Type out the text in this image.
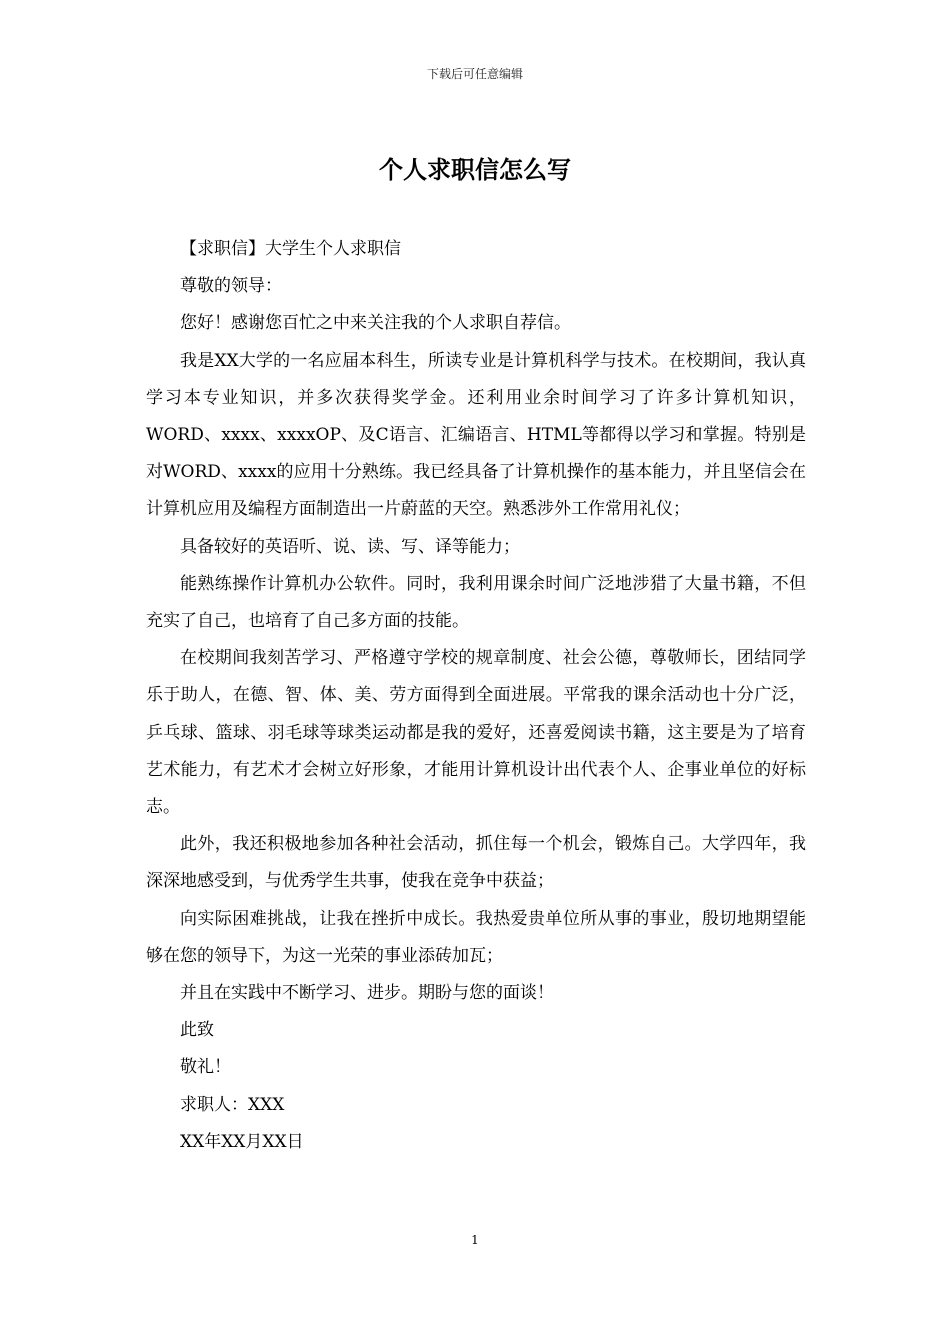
下载后可任意编辑
个人求职信怎么写

【求职信】大学生个人求职信

尊敬的领导：

您好！感谢您百忙之中来关注我的个人求职自荐信。

我是XX大学的一名应届本科生，所读专业是计算机科学与技术。在校期间，我认真学习本专业知识，并多次获得奖学金。还利用业余时间学习了许多计算机知识，WORD、xxxx、xxxxOP、及C语言、汇编语言、HTML等都得以学习和掌握。特别是对WORD、xxxx的应用十分熟练。我已经具备了计算机操作的基本能力，并且坚信会在计算机应用及编程方面制造出一片蔚蓝的天空。熟悉涉外工作常用礼仪；

具备较好的英语听、说、读、写、译等能力；

能熟练操作计算机办公软件。同时，我利用课余时间广泛地涉猎了大量书籍，不但充实了自己，也培育了自己多方面的技能。

在校期间我刻苦学习、严格遵守学校的规章制度、社会公德，尊敬师长，团结同学乐于助人，在德、智、体、美、劳方面得到全面进展。平常我的课余活动也十分广泛，乒乓球、篮球、羽毛球等球类运动都是我的爱好，还喜爱阅读书籍，这主要是为了培育艺术能力，有艺术才会树立好形象，才能用计算机设计出代表个人、企事业单位的好标志。

此外，我还积极地参加各种社会活动，抓住每一个机会，锻炼自己。大学四年，我深深地感受到，与优秀学生共事，使我在竞争中获益；

向实际困难挑战，让我在挫折中成长。我热爱贵单位所从事的事业，殷切地期望能够在您的领导下，为这一光荣的事业添砖加瓦；

并且在实践中不断学习、进步。期盼与您的面谈！

此致

敬礼！

求职人：XXX

XX年XX月XX日

1
